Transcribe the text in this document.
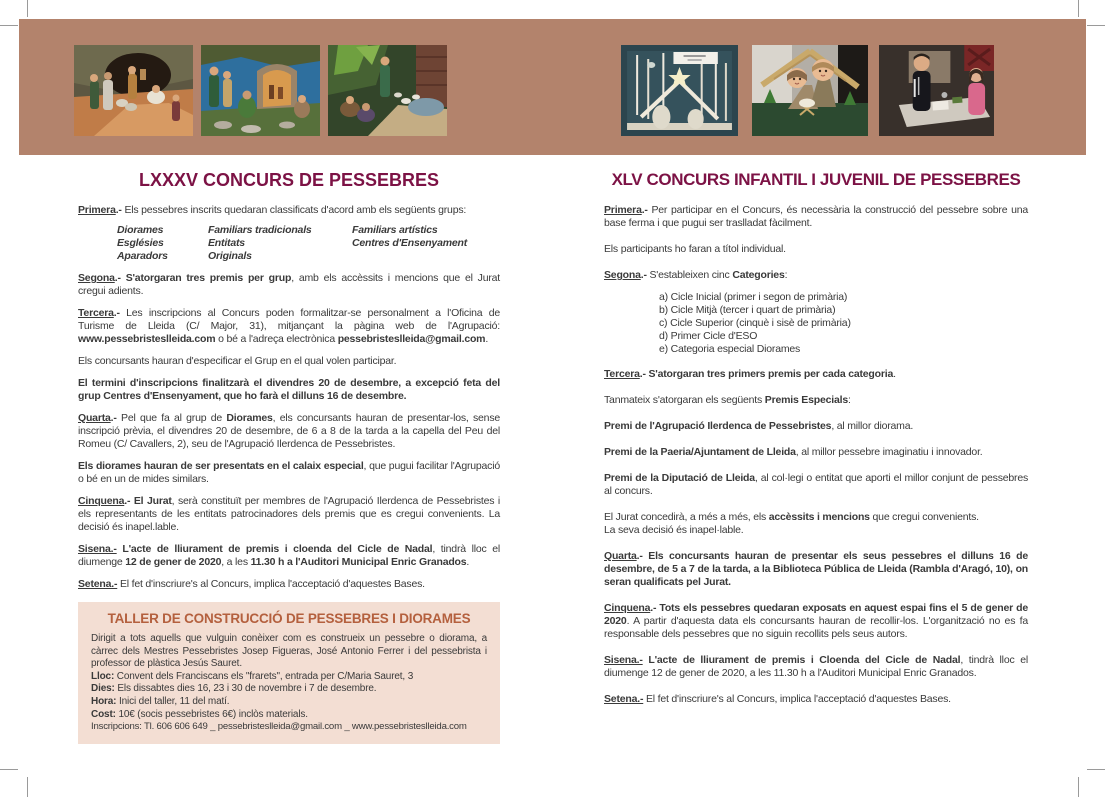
LXXXV CONCURS DE PESSEBRES

Primera.- Els pessebres inscrits quedaran classificats d'acord amb els següents grups:

Diorames
Esglésies
Aparadors
Familiars tradicionals
Entitats
Originals
Familiars artístics
Centres d'Ensenyament

Segona.- S'atorgaran tres premis per grup, amb els accèssits i mencions que el Jurat cregui adients.

Tercera.- Les inscripcions al Concurs poden formalitzar-se personalment a l'Oficina de Turisme de Lleida (C/ Major, 31), mitjançant la pàgina web de l'Agrupació: www.pessebristeslleida.com o bé a l'adreça electrònica pessebristeslleida@gmail.com.

Els concursants hauran d'especificar el Grup en el qual volen participar.

El termini d'inscripcions finalitzarà el divendres 20 de desembre, a excepció feta del grup Centres d'Ensenyament, que ho farà el dilluns 16 de desembre.

Quarta.- Pel que fa al grup de Diorames, els concursants hauran de presentar-los, sense inscripció prèvia, el divendres 20 de desembre, de 6 a 8 de la tarda a la capella del Peu del Romeu (C/ Cavallers, 2), seu de l'Agrupació Ilerdenca de Pessebristes.

Els diorames hauran de ser presentats en el calaix especial, que pugui facilitar l'Agrupació o bé en un de mides similars.

Cinquena.- El Jurat, serà constituït per membres de l'Agrupació Ilerdenca de Pessebristes i els representants de les entitats patrocinadores dels premis que es cregui convenients. La decisió és inapel.lable.

Sisena.- L'acte de lliurament de premis i cloenda del Cicle de Nadal, tindrà lloc el diumenge 12 de gener de 2020, a les 11.30 h a l'Auditori Municipal Enric Granados.

Setena.- El fet d'inscriure's al Concurs, implica l'acceptació d'aquestes Bases.

TALLER DE CONSTRUCCIÓ DE PESSEBRES I DIORAMES

Dirigit a tots aquells que vulguin conèixer com es construeix un pessebre o diorama, a càrrec dels Mestres Pessebristes Josep Figueras, José Antonio Ferrer i del pessebrista i professor de plàstica Jesús Sauret.

Lloc: Convent dels Franciscans els "frarets", entrada per C/Maria Sauret, 3

Dies: Els dissabtes dies 16, 23 i 30 de novembre i 7 de desembre.

Hora: Inici del taller, 11 del matí.

Cost: 10€ (socis pessebristes 6€) inclòs materials.

Inscripcions: Tl. 606 606 649 _ pessebristeslleida@gmail.com _ www.pessebristeslleida.com

XLV CONCURS INFANTIL I JUVENIL DE PESSEBRES

Primera.- Per participar en el Concurs, és necessària la construcció del pessebre sobre una base ferma i que pugui ser traslladat fàcilment.

Els participants ho faran a títol individual.

Segona.- S'estableixen cinc Categories:

a) Cicle Inicial (primer i segon de primària)
b) Cicle Mitjà (tercer i quart de primària)
c) Cicle Superior (cinquè i sisè de primària)
d) Primer Cicle d'ESO
e) Categoria especial Diorames

Tercera.- S'atorgaran tres primers premis per cada categoria.

Tanmateix s'atorgaran els següents Premis Especials:

Premi de l'Agrupació Ilerdenca de Pessebristes, al millor diorama.

Premi de la Paeria/Ajuntament de Lleida, al millor pessebre imaginatiu i innovador.

Premi de la Diputació de Lleida, al col·legi o entitat que aporti el millor conjunt de pessebres al concurs.

El Jurat concedirà, a més a més, els accèssits i mencions que cregui convenients.

La seva decisió és inapel·lable.

Quarta.- Els concursants hauran de presentar els seus pessebres el dilluns 16 de desembre, de 5 a 7 de la tarda, a la Biblioteca Pública de Lleida (Rambla d'Aragó, 10), on seran qualificats pel Jurat.

Cinquena.- Tots els pessebres quedaran exposats en aquest espai fins el 5 de gener de 2020. A partir d'aquesta data els concursants hauran de recollir-los. L'organització no es fa responsable dels pessebres que no siguin recollits pels seus autors.

Sisena.- L'acte de lliurament de premis i Cloenda del Cicle de Nadal, tindrà lloc el diumenge 12 de gener de 2020, a les 11.30 h a l'Auditori Municipal Enric Granados.

Setena.- El fet d'inscriure's al Concurs, implica l'acceptació d'aquestes Bases.
